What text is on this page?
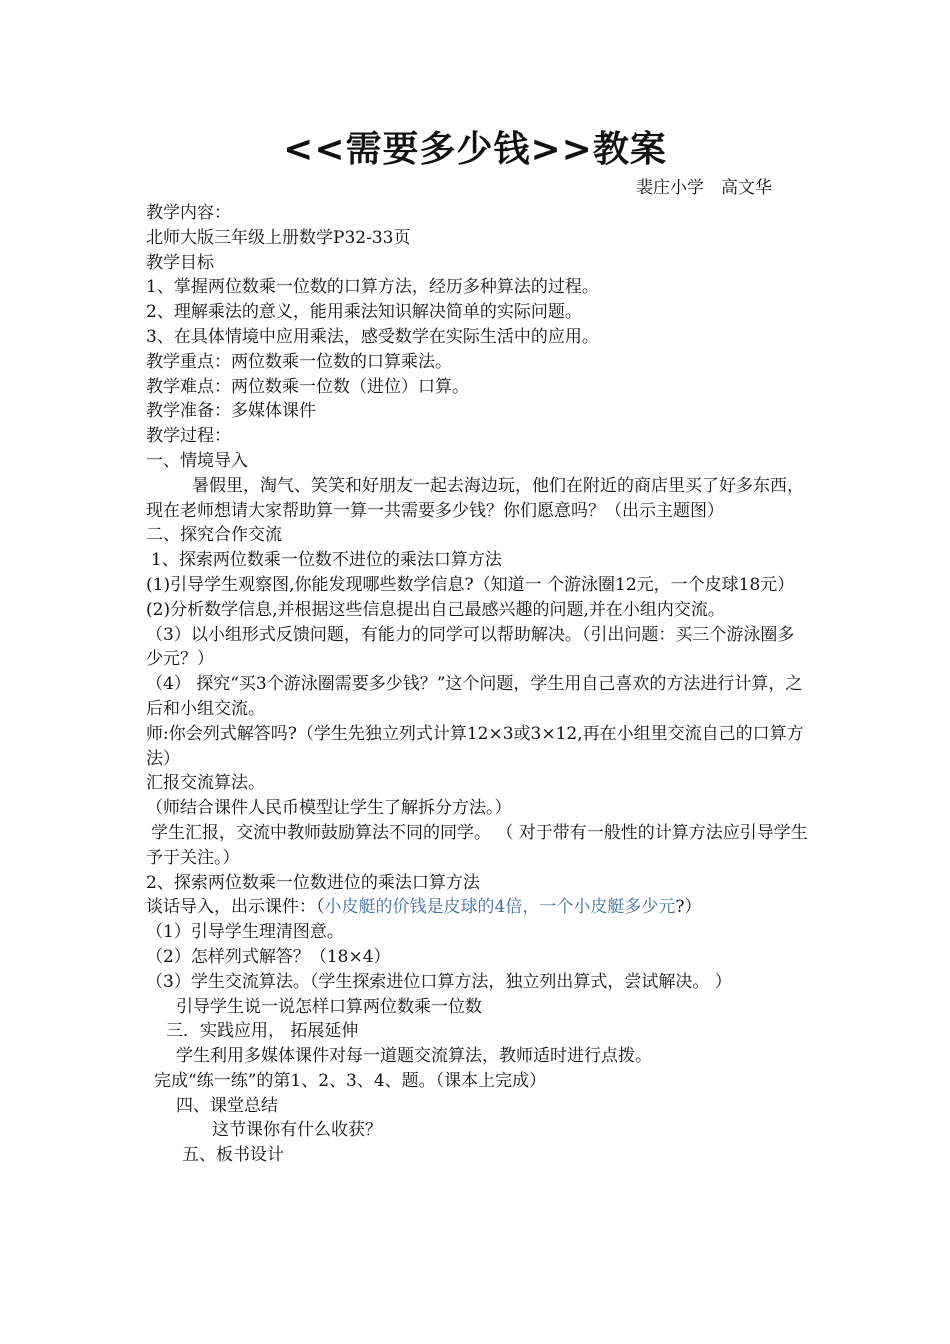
<<需要多少钱>>教案
裴庄小学　高文华

教学内容：

北师大版三年级上册数学P32-33页

教学目标

1、掌握两位数乘一位数的口算方法，经历多种算法的过程。

2、理解乘法的意义，能用乘法知识解决简单的实际问题。

3、在具体情境中应用乘法，感受数学在实际生活中的应用。

教学重点：两位数乘一位数的口算乘法。

教学难点：两位数乘一位数（进位）口算。

教学准备：多媒体课件

教学过程：

一、情境导入

暑假里，淘气、笑笑和好朋友一起去海边玩，他们在附近的商店里买了好多东西，现在老师想请大家帮助算一算一共需要多少钱？你们愿意吗？（出示主题图）

二、探究合作交流

1、探索两位数乘一位数不进位的乘法口算方法

(1)引导学生观察图,你能发现哪些数学信息?（知道一 个游泳圈12元，一个皮球18元）

(2)分析数学信息,并根据这些信息提出自己最感兴趣的问题,并在小组内交流。

（3）以小组形式反馈问题，有能力的同学可以帮助解决。（引出问题：买三个游泳圈多少元？）

（4） 探究“买3个游泳圈需要多少钱？”这个问题，学生用自己喜欢的方法进行计算，之后和小组交流。

师:你会列式解答吗?（学生先独立列式计算12×3或3×12,再在小组里交流自己的口算方法）

汇报交流算法。

（师结合课件人民币模型让学生了解拆分方法。）

学生汇报，交流中教师鼓励算法不同的同学。 （ 对于带有一般性的计算方法应引导学生予于关注。）

2、探索两位数乘一位数进位的乘法口算方法

谈话导入，出示课件：（小皮艇的价钱是皮球的4倍，一个小皮艇多少元?）

（1）引导学生理清图意。

（2）怎样列式解答？（18×4）

（3）学生交流算法。（学生探索进位口算方法，独立列出算式，尝试解决。 ）

引导学生说一说怎样口算两位数乘一位数

三．实践应用， 拓展延伸

学生利用多媒体课件对每一道题交流算法，教师适时进行点拨。

完成“练一练”的第1、2、3、4、题。（课本上完成）

四、课堂总结

这节课你有什么收获？

五、板书设计
